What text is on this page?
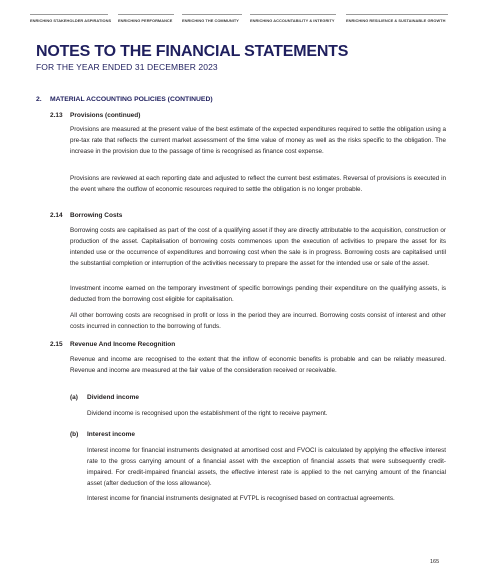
ENRICHING STAKEHOLDER ASPIRATIONS ENRICHING PERFORMANCE ENRICHING THE COMMUNITY	ENRICHING ACCOUNTABILITY & INTEGRITY	ENRICHING RESILIENCE & SUSTAINABLE GROWTH
NOTES TO THE FINANCIAL STATEMENTS
FOR THE YEAR ENDED 31 DECEMBER 2023
2. MATERIAL ACCOUNTING POLICIES (CONTINUED)
2.13 Provisions (continued)
Provisions are measured at the present value of the best estimate of the expected expenditures required to settle the obligation using a pre-tax rate that reflects the current market assessment of the time value of money as well as the risks specific to the obligation. The increase in the provision due to the passage of time is recognised as finance cost expense.
Provisions are reviewed at each reporting date and adjusted to reflect the current best estimates. Reversal of provisions is executed in the event where the outflow of economic resources required to settle the obligation is no longer probable.
2.14 Borrowing Costs
Borrowing costs are capitalised as part of the cost of a qualifying asset if they are directly attributable to the acquisition, construction or production of the asset. Capitalisation of borrowing costs commences upon the execution of activities to prepare the asset for its intended use or the occurrence of expenditures and borrowing cost when the sale is in progress. Borrowing costs are capitalised until the substantial completion or interruption of the activities necessary to prepare the asset for the intended use or sale of the asset.
Investment income earned on the temporary investment of specific borrowings pending their expenditure on the qualifying assets, is deducted from the borrowing cost eligible for capitalisation.
All other borrowing costs are recognised in profit or loss in the period they are incurred. Borrowing costs consist of interest and other costs incurred in connection to the borrowing of funds.
2.15 Revenue And Income Recognition
Revenue and income are recognised to the extent that the inflow of economic benefits is probable and can be reliably measured. Revenue and income are measured at the fair value of the consideration received or receivable.
(a) Dividend income
Dividend income is recognised upon the establishment of the right to receive payment.
(b) Interest income
Interest income for financial instruments designated at amortised cost and FVOCI is calculated by applying the effective interest rate to the gross carrying amount of a financial asset with the exception of financial assets that were subsequently credit-impaired. For credit-impaired financial assets, the effective interest rate is applied to the net carrying amount of the financial asset (after deduction of the loss allowance).
Interest income for financial instruments designated at FVTPL is recognised based on contractual agreements.
165
